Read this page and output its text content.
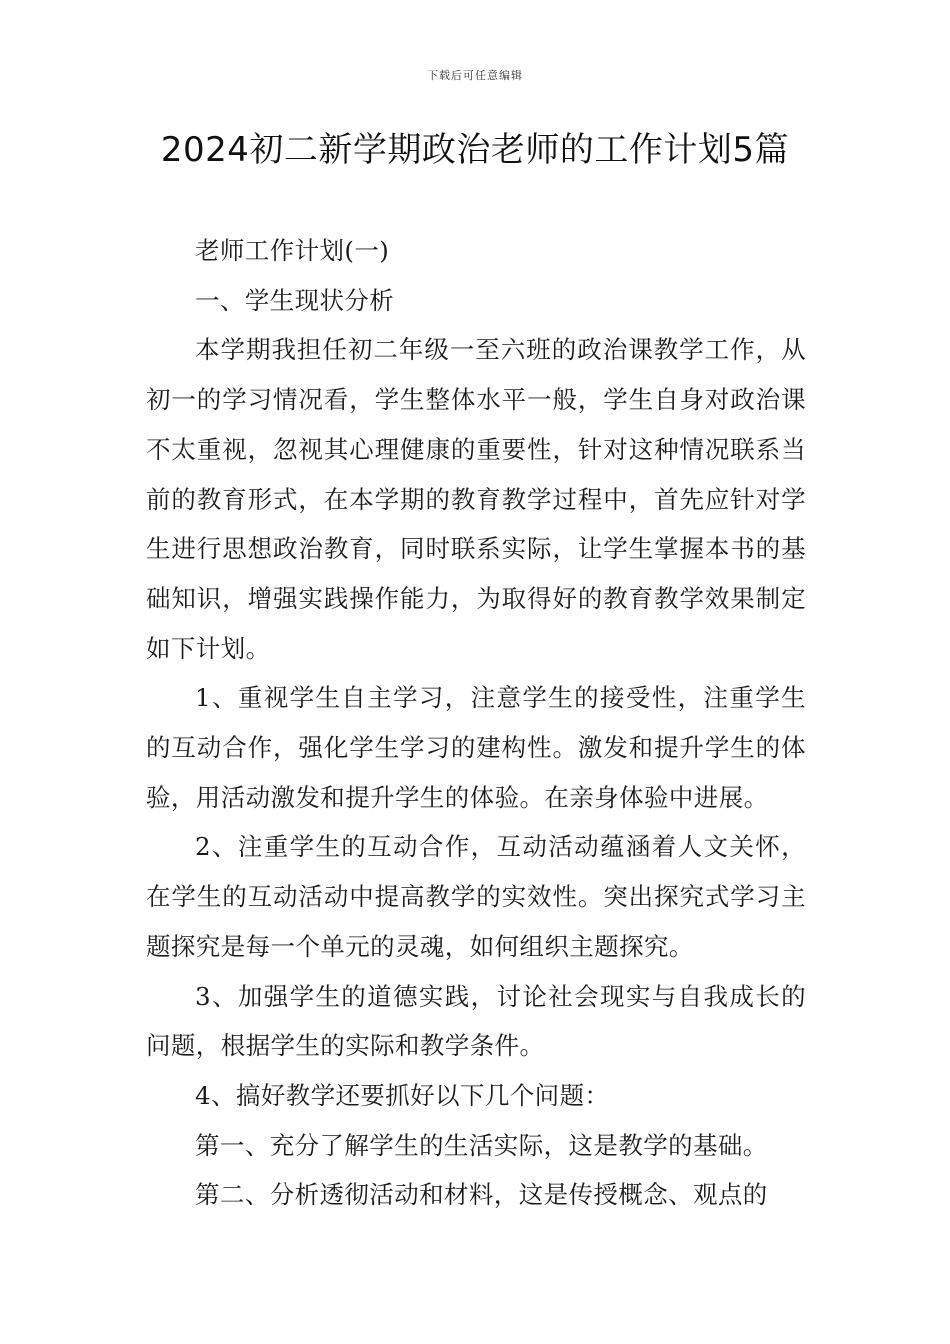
下载后可任意编辑
2024初二新学期政治老师的工作计划5篇

老师工作计划(一)

一、学生现状分析

本学期我担任初二年级一至六班的政治课教学工作，从初一的学习情况看，学生整体水平一般，学生自身对政治课不太重视，忽视其心理健康的重要性，针对这种情况联系当前的教育形式，在本学期的教育教学过程中，首先应针对学生进行思想政治教育，同时联系实际，让学生掌握本书的基础知识，增强实践操作能力，为取得好的教育教学效果制定如下计划。

1、重视学生自主学习，注意学生的接受性，注重学生的互动合作，强化学生学习的建构性。激发和提升学生的体验，用活动激发和提升学生的体验。在亲身体验中进展。

2、注重学生的互动合作，互动活动蕴涵着人文关怀，在学生的互动活动中提高教学的实效性。突出探究式学习主题探究是每一个单元的灵魂，如何组织主题探究。

3、加强学生的道德实践，讨论社会现实与自我成长的问题，根据学生的实际和教学条件。

4、搞好教学还要抓好以下几个问题：

第一、充分了解学生的生活实际，这是教学的基础。

第二、分析透彻活动和材料，这是传授概念、观点的
